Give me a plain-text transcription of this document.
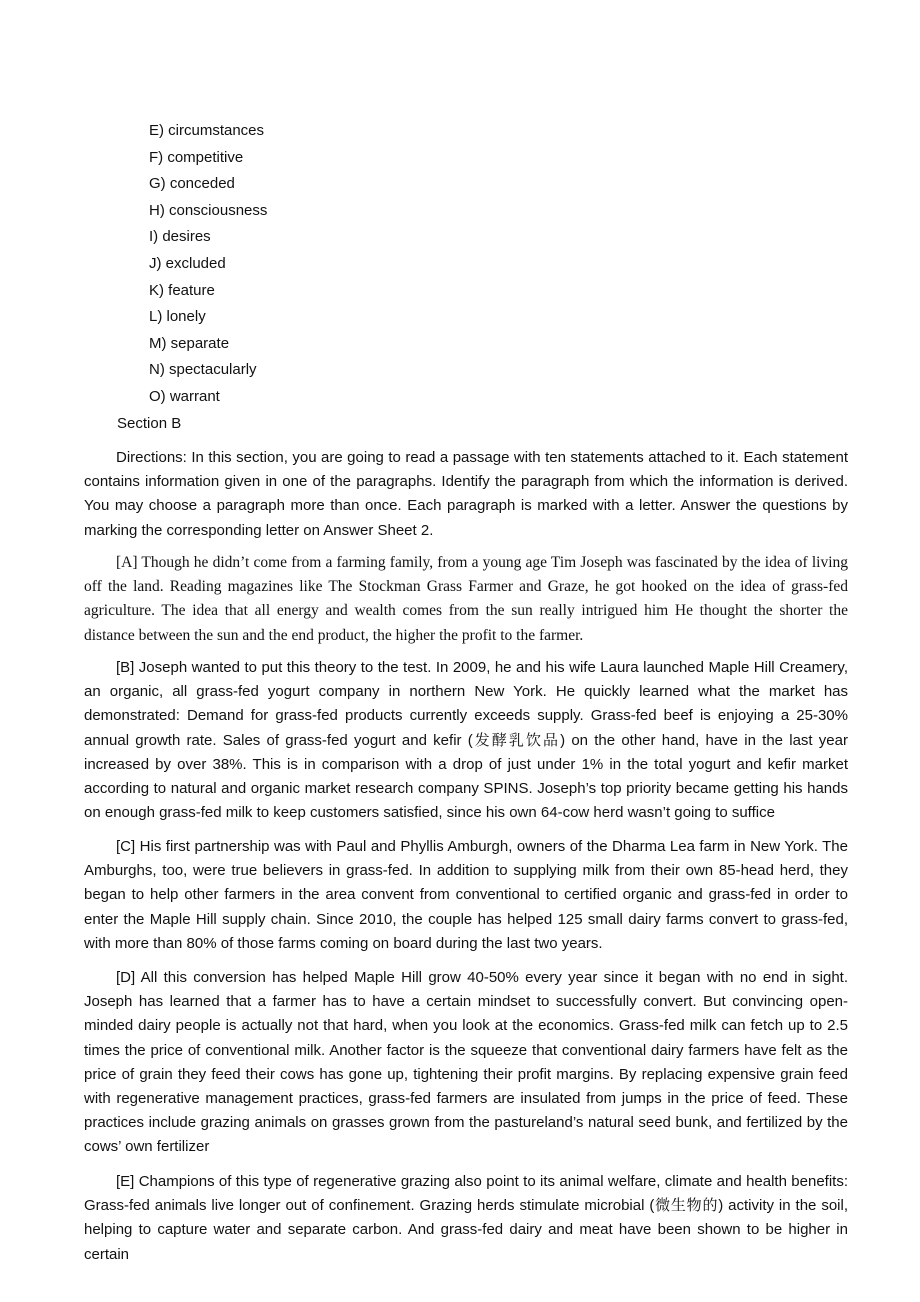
E) circumstances
F) competitive
G) conceded
H) consciousness
I) desires
J) excluded
K) feature
L) lonely
M) separate
N) spectacularly
O) warrant
Section B
Directions: In this section, you are going to read a passage with ten statements attached to it. Each statement contains information given in one of the paragraphs. Identify the paragraph from which the information is derived. You may choose a paragraph more than once. Each paragraph is marked with a letter. Answer the questions by marking the corresponding letter on Answer Sheet 2.
[A] Though he didn’t come from a farming family, from a young age Tim Joseph was fascinated by the idea of living off the land. Reading magazines like The Stockman Grass Farmer and Graze, he got hooked on the idea of grass-fed agriculture. The idea that all energy and wealth comes from the sun really intrigued him He thought the shorter the distance between the sun and the end product, the higher the profit to the farmer.
[B] Joseph wanted to put this theory to the test. In 2009, he and his wife Laura launched Maple Hill Creamery, an organic, all grass-fed yogurt company in northern New York. He quickly learned what the market has demonstrated: Demand for grass-fed products currently exceeds supply. Grass-fed beef is enjoying a 25-30% annual growth rate. Sales of grass-fed yogurt and kefir (发酵乳饮品) on the other hand, have in the last year increased by over 38%. This is in comparison with a drop of just under 1% in the total yogurt and kefir market according to natural and organic market research company SPINS. Joseph’s top priority became getting his hands on enough grass-fed milk to keep customers satisfied, since his own 64-cow herd wasn’t going to suffice
[C] His first partnership was with Paul and Phyllis Amburgh, owners of the Dharma Lea farm in New York. The Amburghs, too, were true believers in grass-fed. In addition to supplying milk from their own 85-head herd, they began to help other farmers in the area convent from conventional to certified organic and grass-fed in order to enter the Maple Hill supply chain. Since 2010, the couple has helped 125 small dairy farms convert to grass-fed, with more than 80% of those farms coming on board during the last two years.
[D] All this conversion has helped Maple Hill grow 40-50% every year since it began with no end in sight. Joseph has learned that a farmer has to have a certain mindset to successfully convert. But convincing open-minded dairy people is actually not that hard, when you look at the economics. Grass-fed milk can fetch up to 2.5 times the price of conventional milk. Another factor is the squeeze that conventional dairy farmers have felt as the price of grain they feed their cows has gone up, tightening their profit margins. By replacing expensive grain feed with regenerative management practices, grass-fed farmers are insulated from jumps in the price of feed. These practices include grazing animals on grasses grown from the pastureland’s natural seed bunk, and fertilized by the cows’ own fertilizer
[E] Champions of this type of regenerative grazing also point to its animal welfare, climate and health benefits: Grass-fed animals live longer out of confinement. Grazing herds stimulate microbial (微生物的) activity in the soil, helping to capture water and separate carbon. And grass-fed dairy and meat have been shown to be higher in certain
